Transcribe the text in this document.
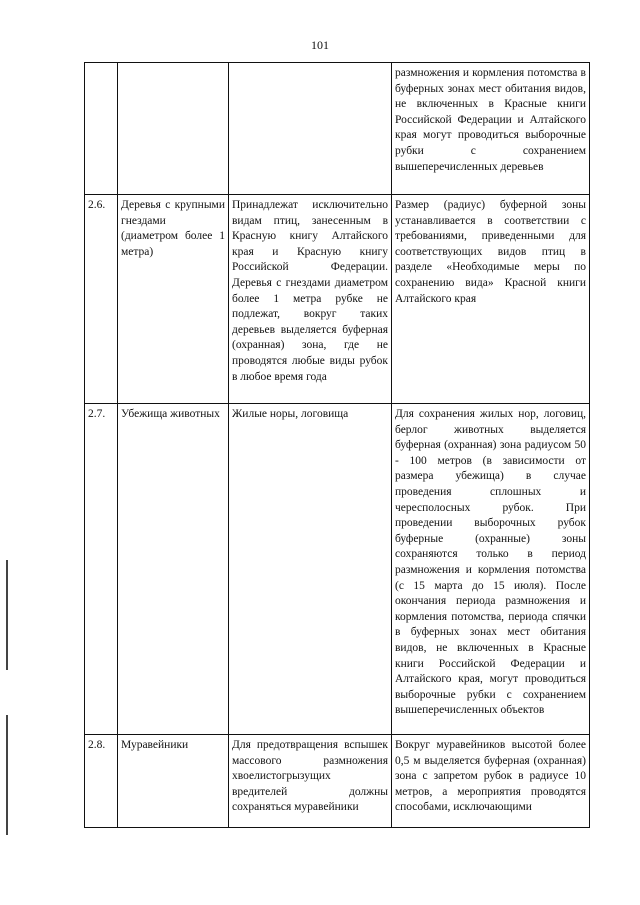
101

			размножения и кормления потомства в буферных зонах мест обитания видов, не включенных в Красные книги Российской Федерации и Алтайского края могут проводиться выборочные рубки с сохранением вышеперечисленных деревьев

2.6.	Деревья с крупными гнездами (диаметром более 1 метра)	Принадлежат исключительно видам птиц, занесенным в Красную книгу Алтайского края и Красную книгу Российской Федерации. Деревья с гнездами диаметром более 1 метра рубке не подлежат, вокруг таких деревьев выделяется буферная (охранная) зона, где не проводятся любые виды рубок в любое время года	Размер (радиус) буферной зоны устанавливается в соответствии с требованиями, приведенными для соответствующих видов птиц в разделе «Необходимые меры по сохранению вида» Красной книги Алтайского края

2.7.	Убежища животных	Жилые норы, логовища	Для сохранения жилых нор, логовиц, берлог животных выделяется буферная (охранная) зона радиусом 50 - 100 метров (в зависимости от размера убежища) в случае проведения сплошных и чересполосных рубок. При проведении выборочных рубок буферные (охранные) зоны сохраняются только в период размножения и кормления потомства (с 15 марта до 15 июля). После окончания периода размножения и кормления потомства, периода спячки в буферных зонах мест обитания видов, не включенных в Красные книги Российской Федерации и Алтайского края, могут проводиться выборочные рубки с сохранением вышеперечисленных объектов

2.8.	Муравейники	Для предотвращения вспышек массового размножения хвоелистогрызущих вредителей должны сохраняться муравейники	Вокруг муравейников высотой более 0,5 м выделяется буферная (охранная) зона с запретом рубок в радиусе 10 метров, а мероприятия проводятся способами, исключающими
